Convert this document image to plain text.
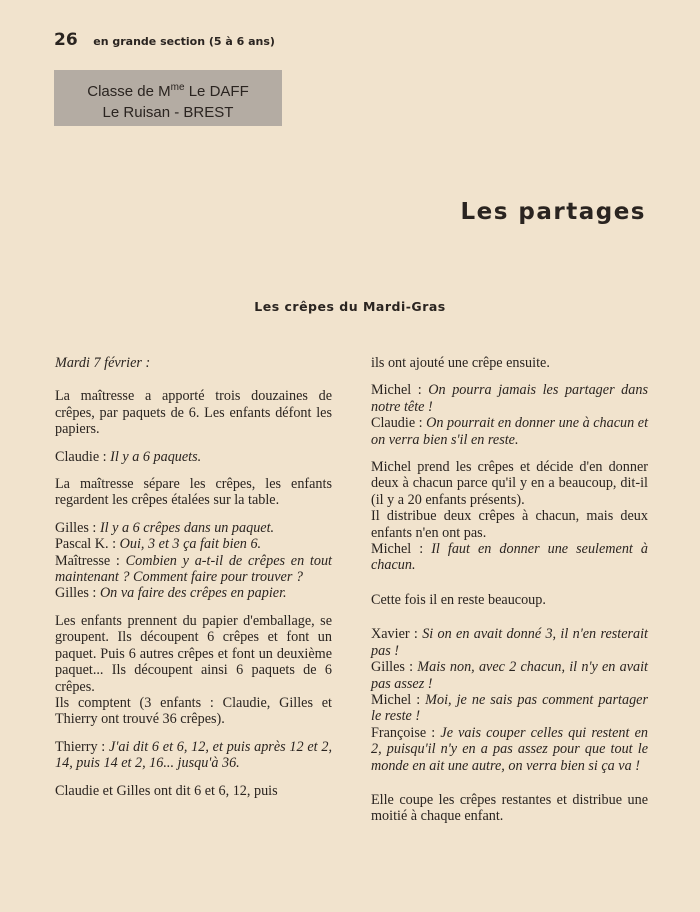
26 en grande section (5 à 6 ans)
Classe de $M^{me}$ Le DAFF
Le Ruisan - BREST
Les partages
Les crêpes du Mardi-Gras

Mardi 7 février :

La maîtresse a apporté trois douzaines de crêpes, par paquets de 6. Les enfants défont les papiers.

Claudie : Il y a 6 paquets.

La maîtresse sépare les crêpes, les enfants regardent les crêpes étalées sur la table.

Gilles : Il y a 6 crêpes dans un paquet.

Pascal K. : Oui, 3 et 3 ça fait bien 6.

Maîtresse : Combien y a-t-il de crêpes en tout maintenant ? Comment faire pour trouver ?

Gilles : On va faire des crêpes en papier.

Les enfants prennent du papier d'emballage, se groupent. Ils découpent 6 crêpes et font un paquet. Puis 6 autres crêpes et font un deuxième paquet... Ils découpent ainsi 6 paquets de 6 crêpes.

Ils comptent (3 enfants : Claudie, Gilles et Thierry ont trouvé 36 crêpes).

Thierry : J'ai dit 6 et 6, 12, et puis après 12 et 2, 14, puis 14 et 2, 16... jusqu'à 36.

Claudie et Gilles ont dit 6 et 6, 12, puis

ils ont ajouté une crêpe ensuite.

Michel : On pourra jamais les partager dans notre tête !

Claudie : On pourrait en donner une à chacun et on verra bien s'il en reste.

Michel prend les crêpes et décide d'en donner deux à chacun parce qu'il y en a beaucoup, dit-il (il y a 20 enfants présents).

Il distribue deux crêpes à chacun, mais deux enfants n'en ont pas.

Michel : Il faut en donner une seulement à chacun.

Cette fois il en reste beaucoup.

Xavier : Si on en avait donné 3, il n'en resterait pas !

Gilles : Mais non, avec 2 chacun, il n'y en avait pas assez !

Michel : Moi, je ne sais pas comment partager le reste !

Françoise : Je vais couper celles qui restent en 2, puisqu'il n'y en a pas assez pour que tout le monde en ait une autre, on verra bien si ça va !

Elle coupe les crêpes restantes et distribue une moitié à chaque enfant.
